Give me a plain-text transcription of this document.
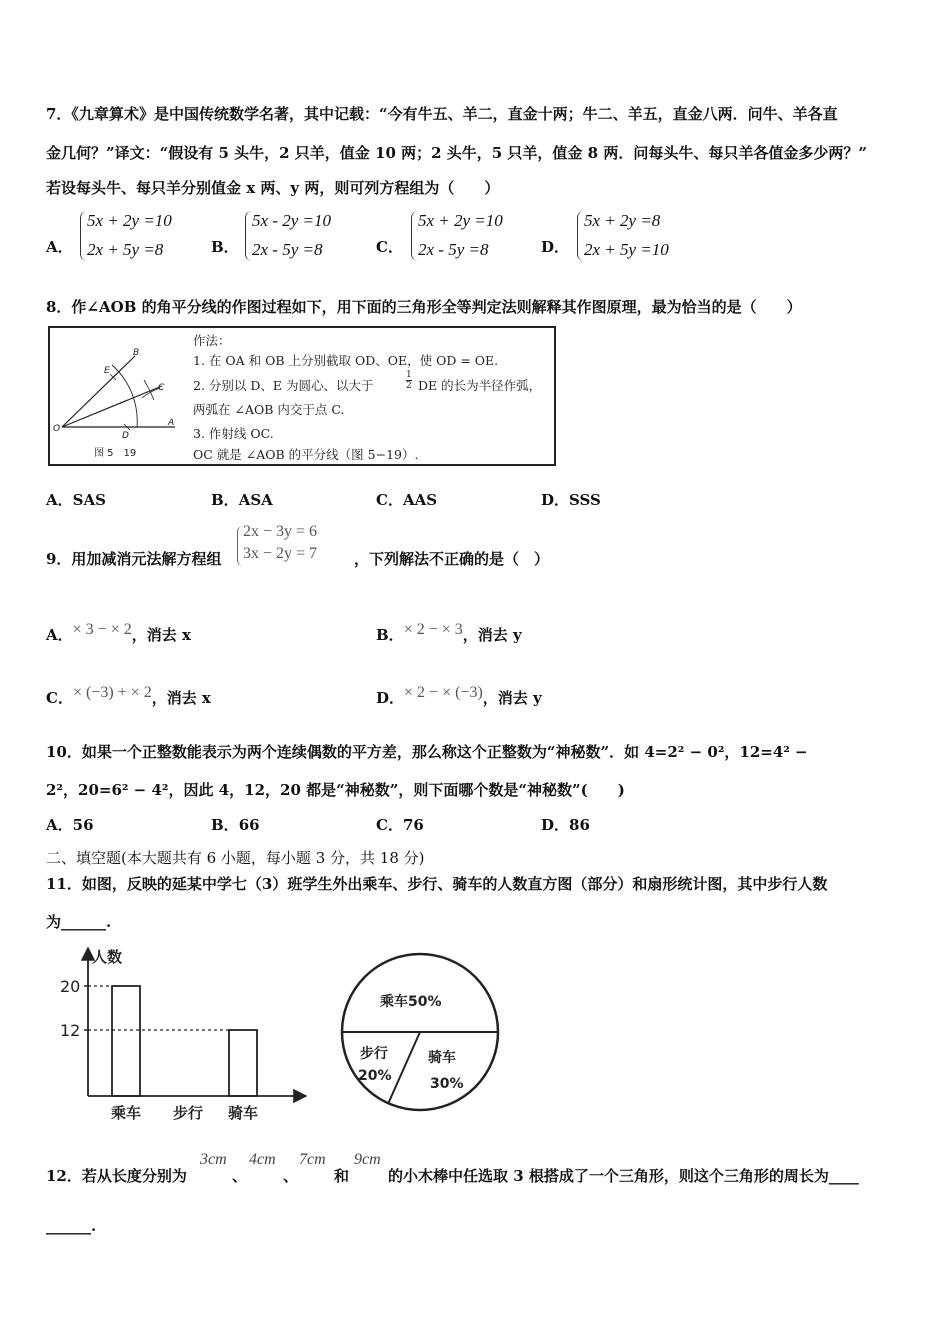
7．《九章算术》是中国传统数学名著，其中记载：“今有牛五、羊二，直金十两；牛二、羊五，直金八两．问牛、羊各直
金几何？”译文：“假设有 5 头牛，2 只羊，值金 10 两；2 头牛，5 只羊，值金 8 两．问每头牛、每只羊各值金多少两？”
若设每头牛、每只羊分别值金 x 两、y 两，则可列方程组为（　　）
A．
5x + 2y =10
2x + 5y =8	B．
5x - 2y =10
2x - 5y =8	C．
5x + 2y =10
2x - 5y =8	D．
5x + 2y =8
2x + 5y =10
8．作∠AOB 的角平分线的作图过程如下，用下面的三角形全等判定法则解释其作图原理，最为恰当的是（　　）
O
A
B
C
D
E
图 5　19
作法：
1. 在 OA 和 OB 上分别截取 OD、OE，使 OD = OE.
2. 分别以 D、E 为圆心、以大于	$\frac{1}{2}$ DE 的长为半径作弧，
两弧在 ∠AOB 内交于点 C.
3. 作射线 OC.
OC 就是 ∠AOB 的平分线（图 5−19）.
A．SAS	B．ASA	C．AAS	D．SSS
9．用加减消元法解方程组
2x − 3y = 6
3x − 2y = 7 ，下列解法不正确的是（　）
A．× 3 − × 2，消去 x	B．× 2 − × 3，消去 y
C．× (−3) + × 2，消去 x	D．× 2 − × (−3)，消去 y
10．如果一个正整数能表示为两个连续偶数的平方差，那么称这个正整数为“神秘数”．如 4=2² − 0²，12=4² −
2²，20=6² − 4²，因此 4，12，20 都是“神秘数”，则下面哪个数是“神秘数”(　　)
A．56	B．66	C．76	D．86
二、填空题(本大题共有 6 小题，每小题 3 分，共 18 分)
11．如图，反映的延某中学七（3）班学生外出乘车、步行、骑车的人数直方图（部分）和扇形统计图，其中步行人数
为______.
人数
20
12
乘车 步行 骑车
乘车50%
步行
20%
骑车
30%
12．若从长度分别为
3cm
、
4cm
、
7cm
和
9cm
的小木棒中任选取 3 根搭成了一个三角形，则这个三角形的周长为____
______.
